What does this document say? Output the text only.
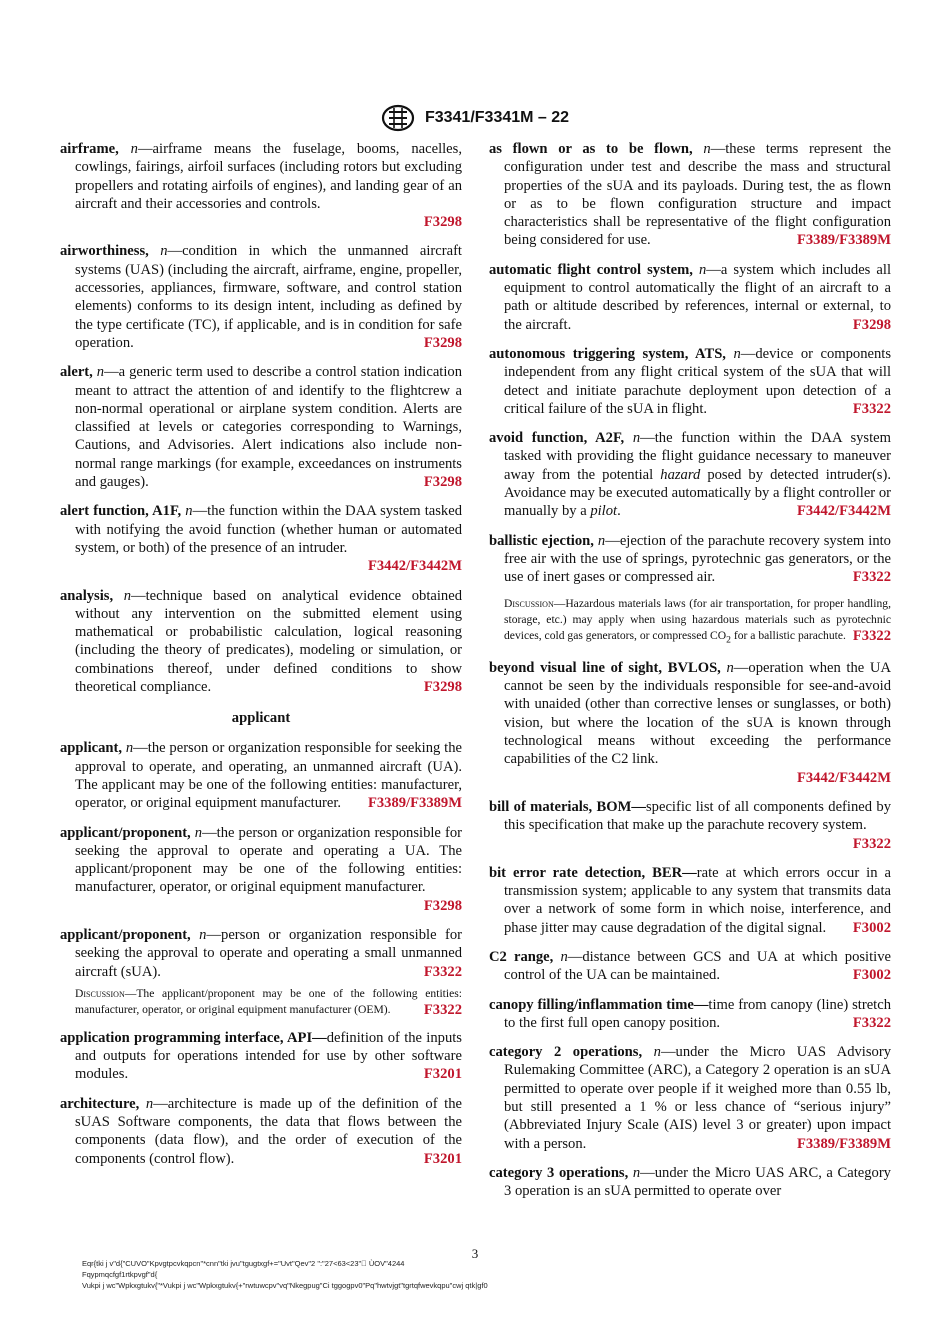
F3341/F3341M – 22
airframe, n—airframe means the fuselage, booms, nacelles, cowlings, fairings, airfoil surfaces (including rotors but excluding propellers and rotating airfoils of engines), and landing gear of an aircraft and their accessories and controls.
F3298
airworthiness, n—condition in which the unmanned aircraft systems (UAS) (including the aircraft, airframe, engine, propeller, accessories, appliances, firmware, software, and control station elements) conforms to its design intent, including as defined by the type certificate (TC), if applicable, and is in condition for safe operation.	F3298
alert, n—a generic term used to describe a control station indication meant to attract the attention of and identify to the flightcrew a non-normal operational or airplane system condition. Alerts are classified at levels or categories corresponding to Warnings, Cautions, and Advisories. Alert indications also include non-normal range markings (for example, exceedances on instruments and gauges).	F3298
alert function, A1F, n—the function within the DAA system tasked with notifying the avoid function (whether human or automated system, or both) of the presence of an intruder.
F3442/F3442M
analysis, n—technique based on analytical evidence obtained without any intervention on the submitted element using mathematical or probabilistic calculation, logical reasoning (including the theory of predicates), modeling or simulation, or combinations thereof, under defined conditions to show theoretical compliance.	F3298
applicant
applicant, n—the person or organization responsible for seeking the approval to operate, and operating, an unmanned aircraft (UA). The applicant may be one of the following entities: manufacturer, operator, or original equipment manufacturer. F3389/F3389M
applicant/proponent, n—the person or organization responsible for seeking the approval to operate and operating a UA. The applicant/proponent may be one of the following entities: manufacturer, operator, or original equipment manufacturer.
F3298
applicant/proponent, n—person or organization responsible for seeking the approval to operate and operating a small unmanned aircraft (sUA).	F3322
Discussion—The applicant/proponent may be one of the following entities: manufacturer, operator, or original equipment manufacturer (OEM). F3322
application programming interface, API—definition of the inputs and outputs for operations intended for use by other software modules.	F3201
architecture, n—architecture is made up of the definition of the sUAS Software components, the data that flows between the components (data flow), and the order of execution of the components (control flow).	F3201
as flown or as to be flown, n—these terms represent the configuration under test and describe the mass and structural properties of the sUA and its payloads. During test, the as flown or as to be flown configuration structure and impact characteristics shall be representative of the flight configuration being considered for use.	F3389/F3389M
automatic flight control system, n—a system which includes all equipment to control automatically the flight of an aircraft to a path or altitude described by references, internal or external, to the aircraft.	F3298
autonomous triggering system, ATS, n—device or components independent from any flight critical system of the sUA that will detect and initiate parachute deployment upon detection of a critical failure of the sUA in flight.	F3322
avoid function, A2F, n—the function within the DAA system tasked with providing the flight guidance necessary to maneuver away from the potential hazard posed by detected intruder(s). Avoidance may be executed automatically by a flight controller or manually by a pilot.	F3442/F3442M
ballistic ejection, n—ejection of the parachute recovery system into free air with the use of springs, pyrotechnic gas generators, or the use of inert gases or compressed air.	F3322
Discussion—Hazardous materials laws (for air transportation, for proper handling, storage, etc.) may apply when using hazardous materials such as pyrotechnic devices, cold gas generators, or compressed $CO_2$ for a ballistic parachute. F3322
beyond visual line of sight, BVLOS, n—operation when the UA cannot be seen by the individuals responsible for see-and-avoid with unaided (other than corrective lenses or sunglasses, or both) vision, but where the location of the sUA is known through technological means without exceeding the performance capabilities of the C2 link.
F3442/F3442M
bill of materials, BOM—specific list of all components defined by this specification that make up the parachute recovery system.
F3322
bit error rate detection, BER—rate at which errors occur in a transmission system; applicable to any system that transmits data over a network of some form in which noise, interference, and phase jitter may cause degradation of the digital signal. F3002
C2 range, n—distance between GCS and UA at which positive control of the UA can be maintained.	F3002
canopy filling/inflammation time—time from canopy (line) stretch to the first full open canopy position.	F3322
category 2 operations, n—under the Micro UAS Advisory Rulemaking Committee (ARC), a Category 2 operation is an sUA permitted to operate over people if it weighed more than 0.55 lb, but still presented a 1 % or less chance of “serious injury” (Abbreviated Injury Scale (AIS) level 3 or greater) upon impact with a person.	F3389/F3389M
category 3 operations, n—under the Micro UAS ARC, a Category 3 operation is an sUA permitted to operate over
3
Eqr{tki j v"d{"CUVO"Kpvgtpcvkqpcn"*cnn"tki jvu"tgugtxgf+="Uvt"Qev"2 ":"27<63<23"  ÙOV"4244
Fqypmqcfgf1rtkpvgf"d{
Vukpi j wc"Wpkxgtukv{"*Vukpi j wc"Wpkxgtukv{+"rwtuwcpv"vq"Nkegpug"Ci tggogpv0"Pq"hwtvjgt"tgrtqfwevkqpu"cwj qtk|gf0
